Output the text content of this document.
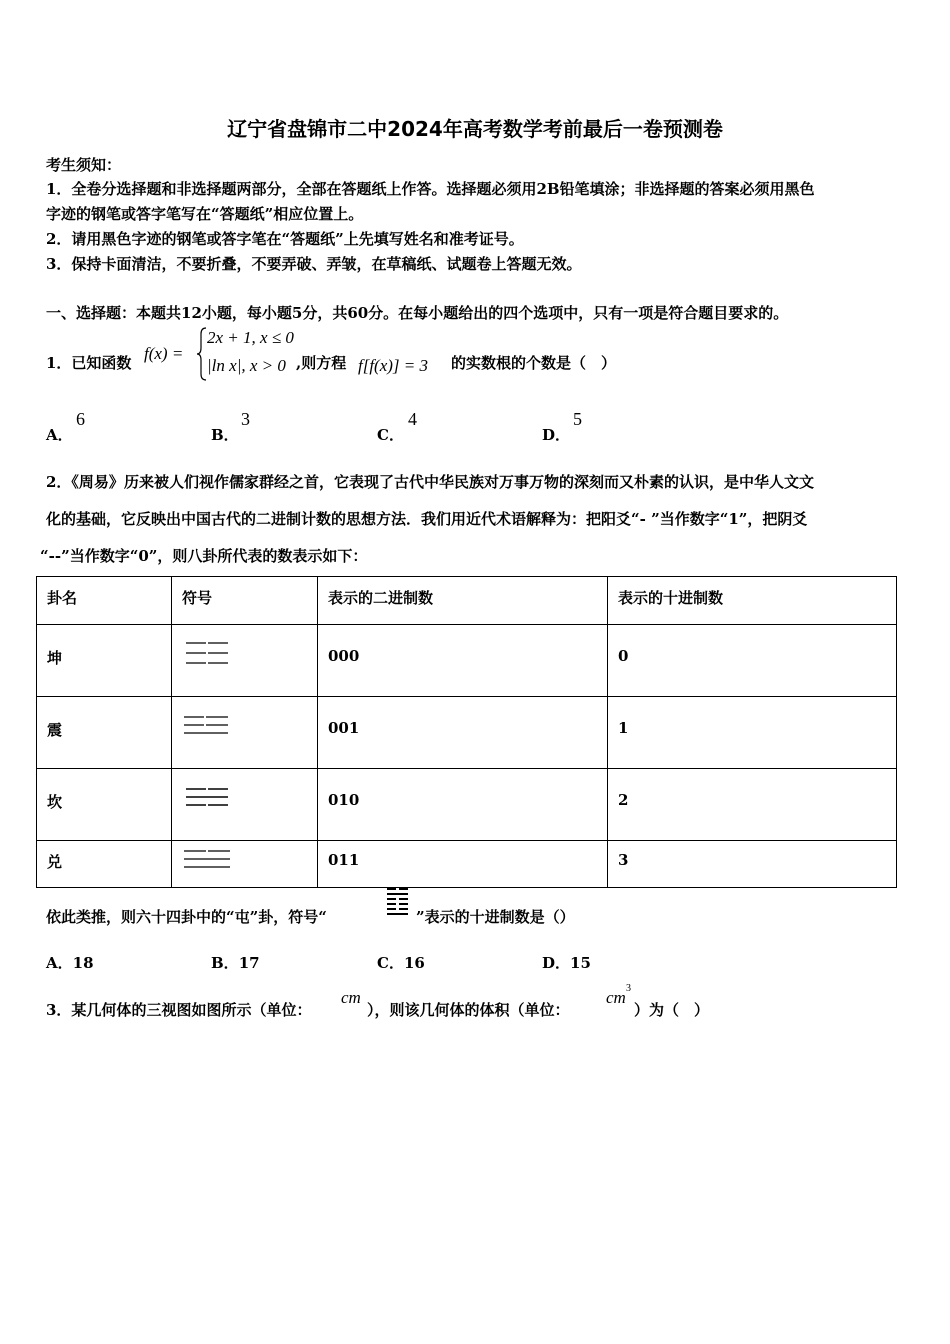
辽宁省盘锦市二中2024年高考数学考前最后一卷预测卷
考生须知：
1．全卷分选择题和非选择题两部分，全部在答题纸上作答。选择题必须用2B铅笔填涂；非选择题的答案必须用黑色
字迹的钢笔或答字笔写在“答题纸”相应位置上。
2．请用黑色字迹的钢笔或答字笔在“答题纸”上先填写姓名和准考证号。
3．保持卡面清洁，不要折叠，不要弄破、弄皱，在草稿纸、试题卷上答题无效。
一、选择题：本题共12小题，每小题5分，共60分。在每小题给出的四个选项中，只有一项是符合题目要求的。
1．已知函数 f(x) =
2x + 1, x ≤ 0
|ln x|, x > 0 ,则方程 f[f(x)] = 3 的实数根的个数是（　）
A．
6
B．
3
C．
4
D．
5
2．《周易》历来被人们视作儒家群经之首，它表现了古代中华民族对万事万物的深刻而又朴素的认识，是中华人文文
化的基础，它反映出中国古代的二进制计数的思想方法．我们用近代术语解释为：把阳爻“- ”当作数字“1”，把阴爻
“--”当作数字“0”，则八卦所代表的数表示如下：
卦名	符号	表示的二进制数	表示的十进制数
坤		000	0
震		001	1
坎		010	2
兑		011	3
依此类推，则六十四卦中的“屯”卦，符号“	”表示的十进制数是（）
A．18	B．17	C．16	D．15
3．某几何体的三视图如图所示（单位：
cm
），则该几何体的体积（单位：
cm 3
）为（　）
